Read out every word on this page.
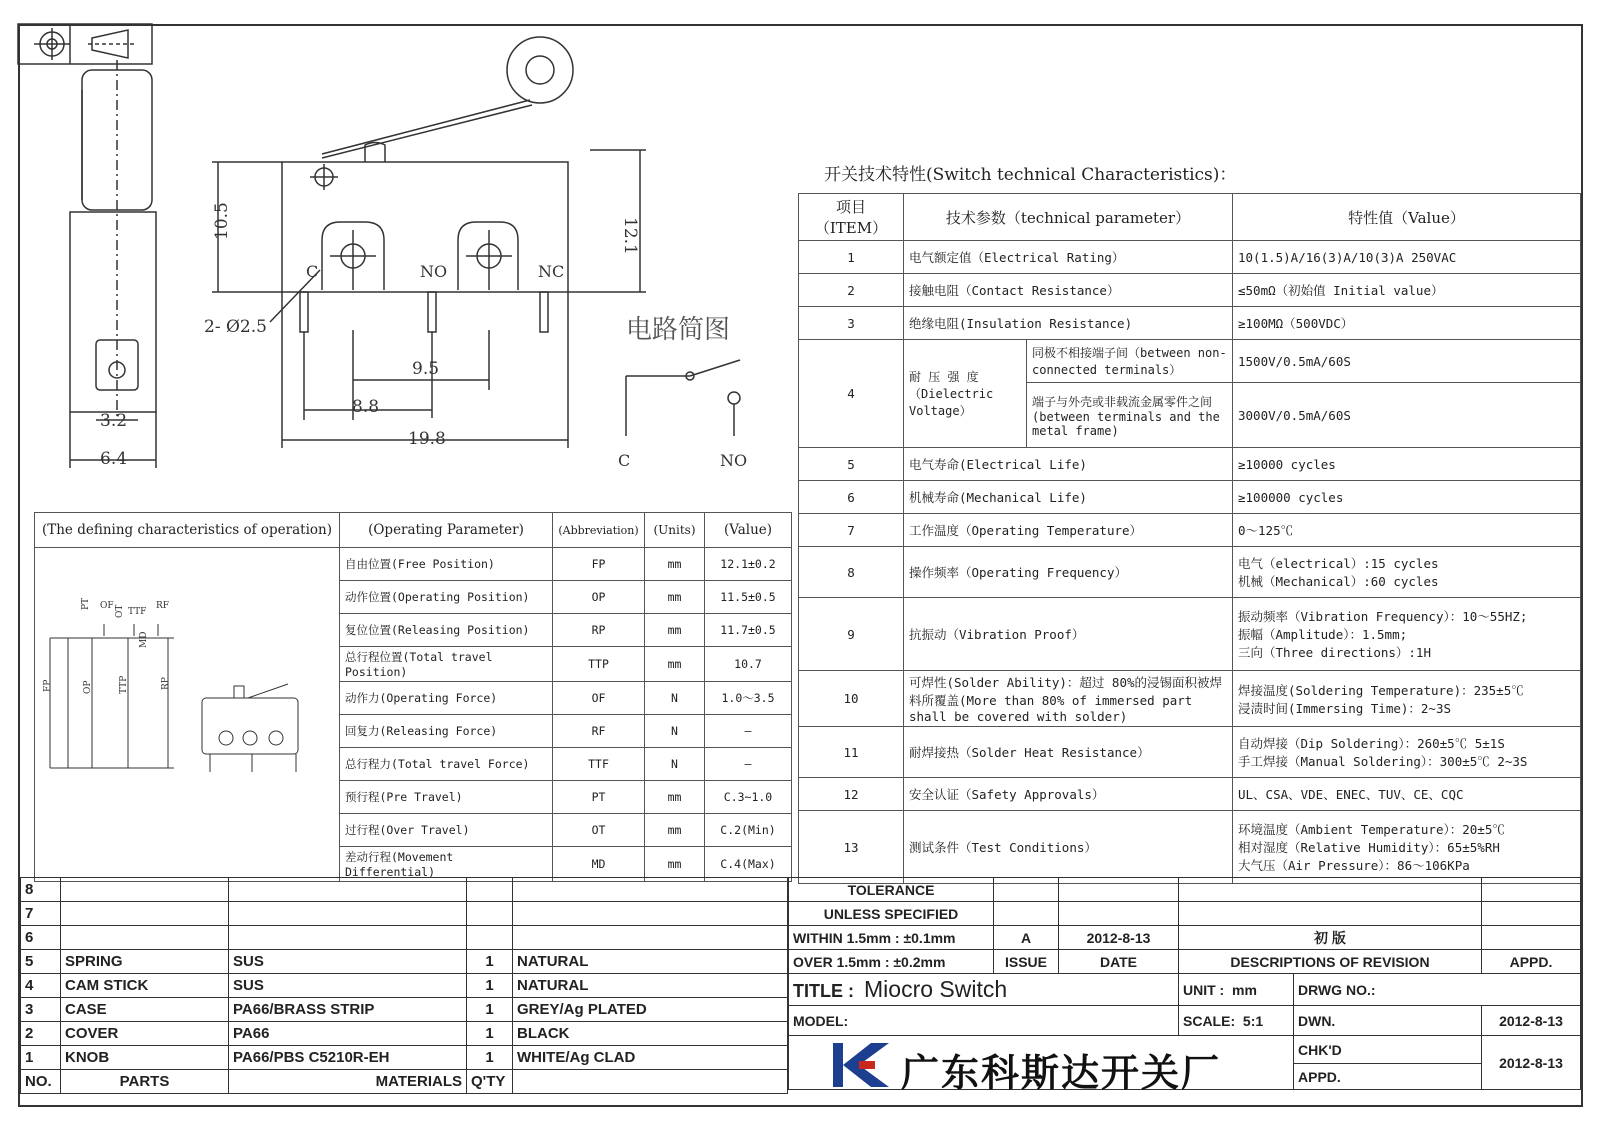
10.5	12.1
9.5
8.8
19.8
3.2
6.4
2- Ø2.5
C	NO	NC
电路简图
C	NO
开关技术特性(Switch technical Characteristics)：
项目
（ITEM）	技术参数（technical parameter）		特性值（Value）
1	电气额定值（Electrical Rating）		10(1.5)A/16(3)A/10(3)A 250VAC
2	接触电阻（Contact Resistance）		≤50mΩ（初始值 Initial value）
3	绝缘电阻(Insulation Resistance)		≥100MΩ（500VDC）
4	耐 压 强 度（Dielectric Voltage）	同极不相接端子间（between non-connected terminals）	1500V/0.5mA/60S
		端子与外壳或非载流金属零件之间(between terminals and the metal frame)	3000V/0.5mA/60S
5	电气寿命(Electrical Life)		≥10000 cycles
6	机械寿命(Mechanical Life)		≥100000 cycles
7	工作温度（Operating Temperature）		0～125℃
8	操作频率（Operating Frequency）		电气（electrical）:15 cycles
机械（Mechanical）:60 cycles
9	抗振动（Vibration Proof）		振动频率（Vibration Frequency）：10～55HZ;
振幅（Amplitude）：1.5mm;
三向（Three directions）:1H
10	可焊性(Solder Ability)：超过 80%的浸锡面积被焊料所覆盖(More than 80% of immersed part shall be covered with solder)		焊接温度(Soldering Temperature)：235±5℃
浸渍时间(Immersing Time)：2~3S
11	耐焊接热（Solder Heat Resistance）		自动焊接（Dip Soldering）：260±5℃ 5±1S
手工焊接（Manual Soldering）：300±5℃ 2~3S
12	安全认证（Safety Approvals）		UL、CSA、VDE、ENEC、TUV、CE、CQC
13	测试条件（Test Conditions）		环境温度（Ambient Temperature）：20±5℃
相对湿度（Relative Humidity）：65±5%RH
大气压（Air Pressure）：86～106KPa
(The defining characteristics of operation)	(Operating Parameter)	(Abbreviation)	(Units)	(Value)
	自由位置(Free Position)	FP	mm	12.1±0.2
	动作位置(Operating Position)	OP	mm	11.5±0.5
	复位位置(Releasing Position)	RP	mm	11.7±0.5
	总行程位置(Total travel Position)	TTP	mm	10.7
	动作力(Operating Force)	OF	N	1.0～3.5
	回复力(Releasing Force)	RF	N	—
	总行程力(Total travel Force)	TTF	N	—
	预行程(Pre Travel)	PT	mm	C.3~1.0
	过行程(Over Travel)	OT	mm	C.2(Min)
	差动行程(Movement Differential)	MD	mm	C.4(Max)
FP	OP	TTP	RP
PT OF OT TTF
RF
MD
8				
7				
6				
5	SPRING	SUS	1	NATURAL
4	CAM STICK	SUS	1	NATURAL
3	CASE	PA66/BRASS STRIP	1	GREY/Ag PLATED
2	COVER	PA66	1	BLACK
1	KNOB	PA66/PBS C5210R-EH	1	WHITE/Ag CLAD
NO.	PARTS	MATERIALS	Q'TY	
TOLERANCE					
UNLESS SPECIFIED					
WITHIN 1.5mm : ±0.1mm	A	2012-8-13	初 版		
OVER 1.5mm : ±0.2mm	ISSUE	DATE	DESCRIPTIONS OF REVISION		APPD.
TITLE : Miocro Switch			UNIT : mm	DRWG NO.:	
MODEL:			SCALE: 5:1	DWN.	2012-8-13

广东科斯达开关厂				CHK'D	2012-8-13
				APPD.	
